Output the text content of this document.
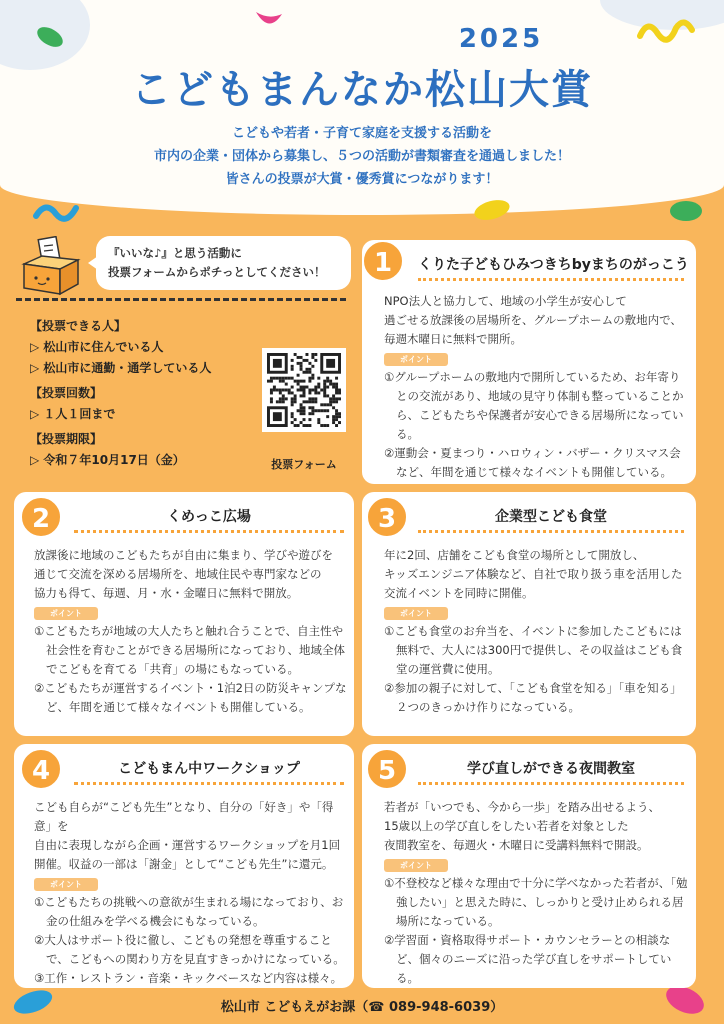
2025
こどもまんなか松山大賞
こどもや若者・子育て家庭を支援する活動を
市内の企業・団体から募集し、５つの活動が書類審査を通過しました！
皆さんの投票が大賞・優秀賞につながります！
『いいな♪』と思う活動に
投票フォームからポチっとしてください！
【投票できる人】
▷ 松山市に住んでいる人
▷ 松山市に通勤・通学している人
【投票回数】
▷ １人１回まで
【投票期限】
▷ 令和７年10月17日（金）	投票フォーム
1	くりた子どもひみつきちbyまちのがっこう
NPO法人と協力して、地域の小学生が安心して
過ごせる放課後の居場所を、グループホームの敷地内で、
毎週木曜日に無料で開所。
ポイント
①グループホームの敷地内で開所しているため、お年寄りとの交流があり、地域の見守り体制も整っていることから、こどもたちや保護者が安心できる居場所になっている。
②運動会・夏まつり・ハロウィン・バザー・クリスマス会など、年間を通じて様々なイベントも開催している。
2	くめっこ広場
放課後に地域のこどもたちが自由に集まり、学びや遊びを
通じて交流を深める居場所を、地域住民や専門家などの
協力も得て、毎週、月・水・金曜日に無料で開放。
ポイント
①こどもたちが地域の大人たちと触れ合うことで、自主性や社会性を育むことができる居場所になっており、地域全体でこどもを育てる「共育」の場にもなっている。
②こどもたちが運営するイベント・1泊2日の防災キャンプなど、年間を通じて様々なイベントも開催している。
3	企業型こども食堂
年に2回、店舗をこども食堂の場所として開放し、
キッズエンジニア体験など、自社で取り扱う車を活用した
交流イベントを同時に開催。
ポイント
①こども食堂のお弁当を、イベントに参加したこどもには無料で、大人には300円で提供し、その収益はこども食堂の運営費に使用。
②参加の親子に対して、「こども食堂を知る」「車を知る」２つのきっかけ作りになっている。
4	こどもまん中ワークショップ
こども自らが“こども先生”となり、自分の「好き」や「得意」を
自由に表現しながら企画・運営するワークショップを月1回
開催。収益の一部は「謝金」として“こども先生”に還元。
ポイント
①こどもたちの挑戦への意欲が生まれる場になっており、お金の仕組みを学べる機会にもなっている。
②大人はサポート役に徹し、こどもの発想を尊重することで、こどもへの関わり方を見直すきっかけになっている。
③工作・レストラン・音楽・キックベースなど内容は様々。
5	学び直しができる夜間教室
若者が「いつでも、今から一歩」を踏み出せるよう、
15歳以上の学び直しをしたい若者を対象とした
夜間教室を、毎週火・木曜日に受講料無料で開設。
ポイント
①不登校など様々な理由で十分に学べなかった若者が、「勉強したい」と思えた時に、しっかりと受け止められる居場所になっている。
②学習面・資格取得サポート・カウンセラーとの相談など、個々のニーズに沿った学び直しをサポートしている。
松山市 こどもえがお課（☎ 089-948-6039）
